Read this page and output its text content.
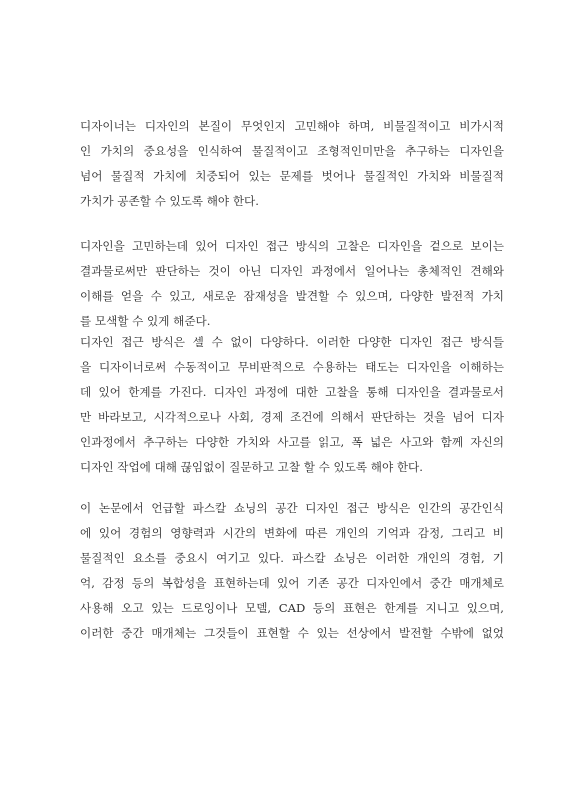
디자이너는 디자인의 본질이 무엇인지 고민해야 하며, 비물질적이고 비가시적
인 가치의 중요성을 인식하여 물질적이고 조형적인미만을 추구하는 디자인을
넘어 물질적 가치에 치중되어 있는 문제를 벗어나 물질적인 가치와 비물질적
가치가 공존할 수 있도록 해야 한다.
디자인을 고민하는데 있어 디자인 접근 방식의 고찰은 디자인을 겉으로 보이는
결과물로써만 판단하는 것이 아닌 디자인 과정에서 일어나는 총체적인 견해와
이해를 얻을 수 있고, 새로운 잠재성을 발견할 수 있으며, 다양한 발전적 가치
를 모색할 수 있게 해준다.
디자인 접근 방식은 셀 수 없이 다양하다. 이러한 다양한 디자인 접근 방식들
을 디자이너로써 수동적이고 무비판적으로 수용하는 태도는 디자인을 이해하는
데 있어 한계를 가진다. 디자인 과정에 대한 고찰을 통해 디자인을 결과물로서
만 바라보고, 시각적으로나 사회, 경제 조건에 의해서 판단하는 것을 넘어 디자
인과정에서 추구하는 다양한 가치와 사고를 읽고, 폭 넓은 사고와 함께 자신의
디자인 작업에 대해 끊임없이 질문하고 고찰 할 수 있도록 해야 한다.
이 논문에서 언급할 파스칼 쇼닝의 공간 디자인 접근 방식은 인간의 공간인식
에 있어 경험의 영향력과 시간의 변화에 따른 개인의 기억과 감정, 그리고 비
물질적인 요소를 중요시 여기고 있다. 파스칼 쇼닝은 이러한 개인의 경험, 기
억, 감정 등의 복합성을 표현하는데 있어 기존 공간 디자인에서 중간 매개체로
사용해 오고 있는 드로잉이나 모델, CAD 등의 표현은 한계를 지니고 있으며,
이러한 중간 매개체는 그것들이 표현할 수 있는 선상에서 발전할 수밖에 없었
